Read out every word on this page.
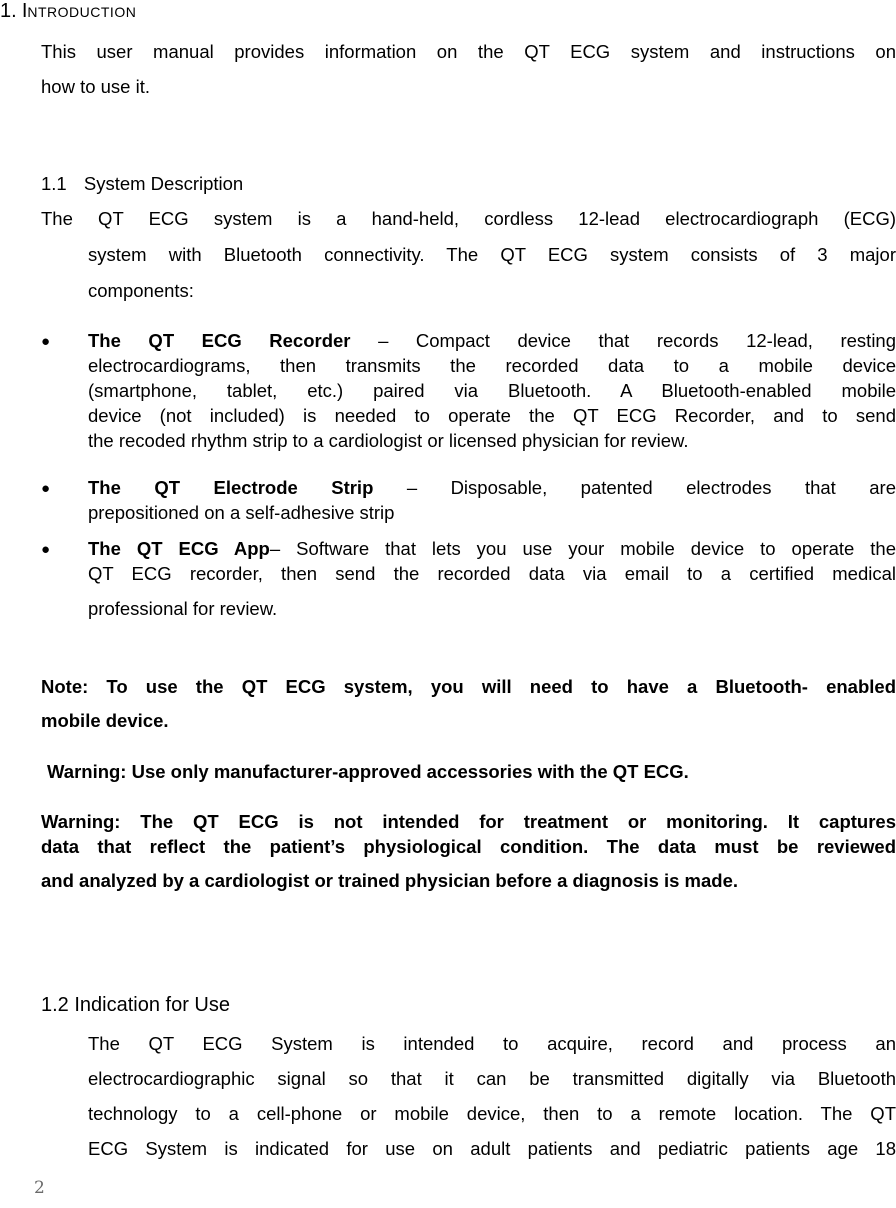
1. INTRODUCTION
This user manual provides information on the QT ECG system and instructions on
how to use it.
1.1 System Description
The QT ECG system is a hand-held, cordless 12-lead electrocardiograph (ECG)
system with Bluetooth connectivity. The QT ECG system consists of 3 major
components:
● The QT ECG Recorder – Compact device that records 12-lead, resting
electrocardiograms, then transmits the recorded data to a mobile device
(smartphone, tablet, etc.) paired via Bluetooth. A Bluetooth-enabled mobile
device (not included) is needed to operate the QT ECG Recorder, and to send
the recoded rhythm strip to a cardiologist or licensed physician for review.
● The QT Electrode Strip – Disposable, patented electrodes that are
prepositioned on a self-adhesive strip
● The QT ECG App– Software that lets you use your mobile device to operate the
QT ECG recorder, then send the recorded data via email to a certified medical
professional for review.
Note: To use the QT ECG system, you will need to have a Bluetooth- enabled
mobile device.
Warning: Use only manufacturer-approved accessories with the QT ECG.
Warning: The QT ECG is not intended for treatment or monitoring. It captures
data that reflect the patient’s physiological condition. The data must be reviewed
and analyzed by a cardiologist or trained physician before a diagnosis is made.
1.2 Indication for Use
The QT ECG System is intended to acquire, record and process an
electrocardiographic signal so that it can be transmitted digitally via Bluetooth
technology to a cell-phone or mobile device, then to a remote location. The QT
ECG System is indicated for use on adult patients and pediatric patients age 18
2
